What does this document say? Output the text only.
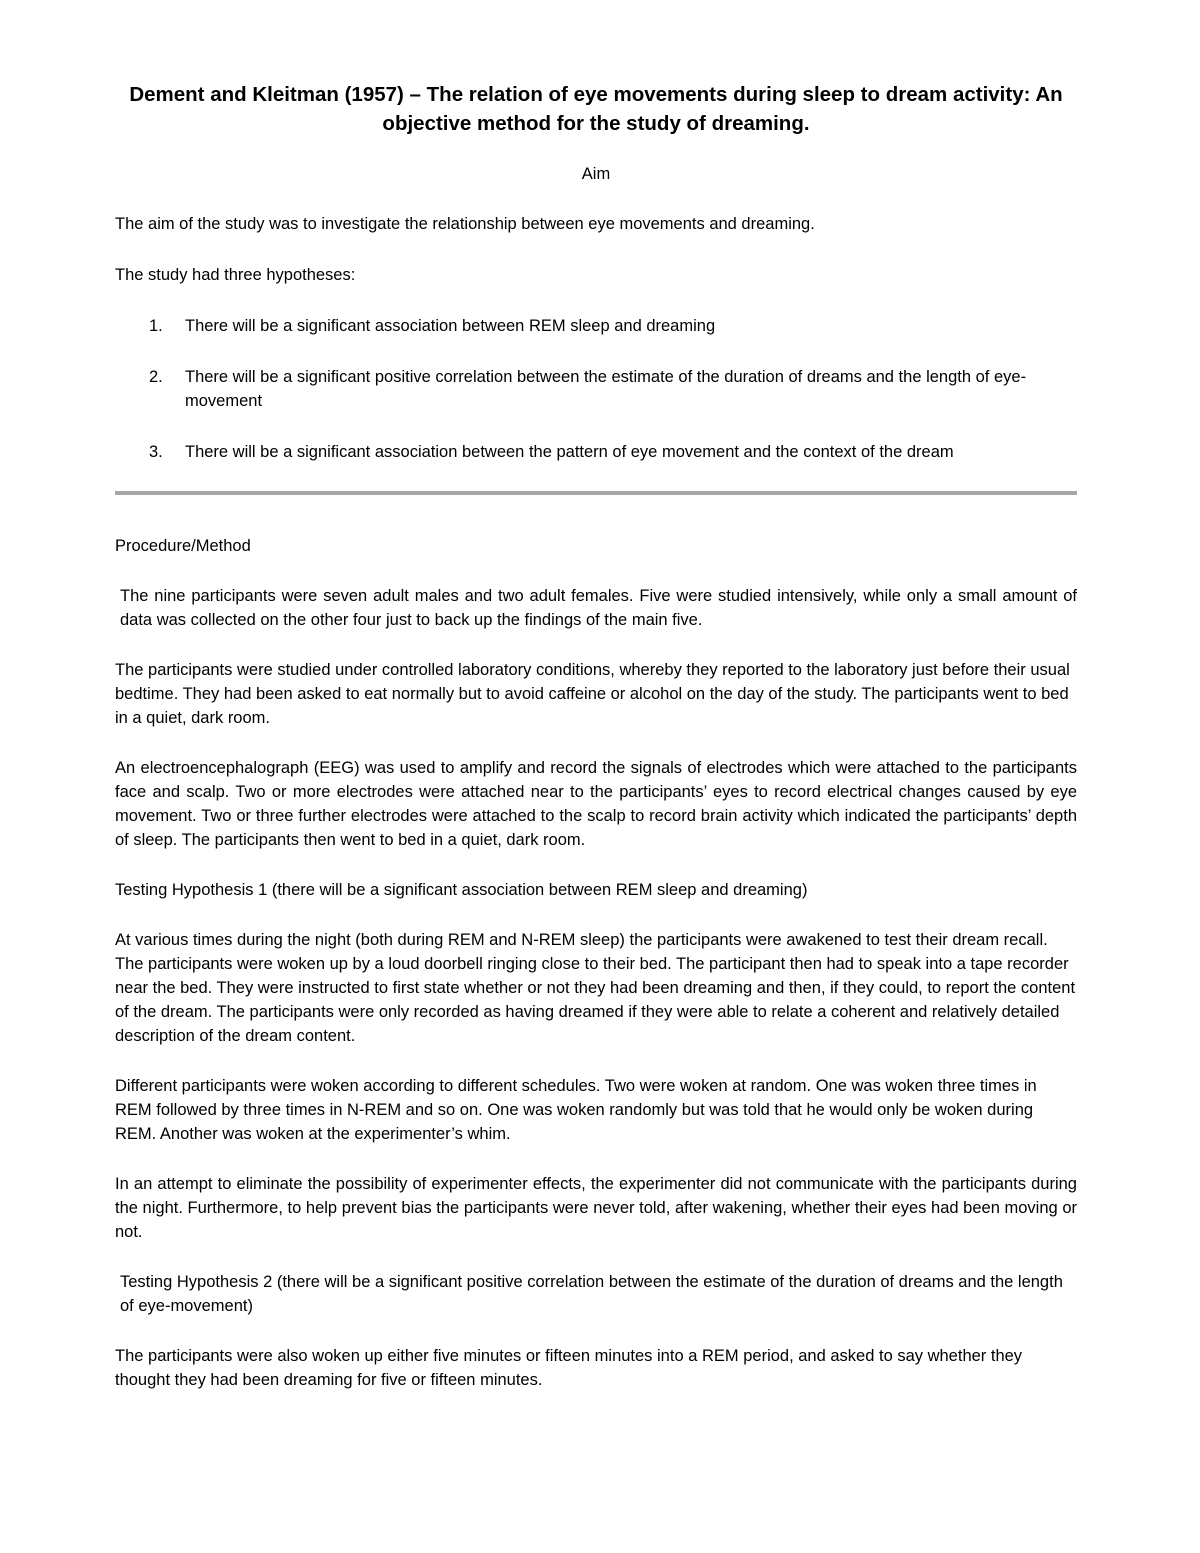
Dement and Kleitman (1957) – The relation of eye movements during sleep to dream activity: An objective method for the study of dreaming.

Aim

The aim of the study was to investigate the relationship between eye movements and dreaming.

The study had three hypotheses:

1.	There will be a significant association between REM sleep and dreaming
2.	There will be a significant positive correlation between the estimate of the duration of dreams and the length of eye-movement
3.	There will be a significant association between the pattern of eye movement and the context of the dream

Procedure/Method

The nine participants were seven adult males and two adult females. Five were studied intensively, while only a small amount of data was collected on the other four just to back up the findings of the main five.

The participants were studied under controlled laboratory conditions, whereby they reported to the laboratory just before their usual bedtime. They had been asked to eat normally but to avoid caffeine or alcohol on the day of the study. The participants went to bed in a quiet, dark room.

An electroencephalograph (EEG) was used to amplify and record the signals of electrodes which were attached to the participants face and scalp. Two or more electrodes were attached near to the participants’ eyes to record electrical changes caused by eye movement. Two or three further electrodes were attached to the scalp to record brain activity which indicated the participants’ depth of sleep. The participants then went to bed in a quiet, dark room.

Testing Hypothesis 1 (there will be a significant association between REM sleep and dreaming)

At various times during the night (both during REM and N-REM sleep) the participants were awakened to test their dream recall. The participants were woken up by a loud doorbell ringing close to their bed. The participant then had to speak into a tape recorder near the bed. They were instructed to first state whether or not they had been dreaming and then, if they could, to report the content of the dream. The participants were only recorded as having dreamed if they were able to relate a coherent and relatively detailed description of the dream content.

Different participants were woken according to different schedules. Two were woken at random. One was woken three times in REM followed by three times in N-REM and so on. One was woken randomly but was told that he would only be woken during REM. Another was woken at the experimenter’s whim.

In an attempt to eliminate the possibility of experimenter effects, the experimenter did not communicate with the participants during the night. Furthermore, to help prevent bias the participants were never told, after wakening, whether their eyes had been moving or not.

Testing Hypothesis 2 (there will be a significant positive correlation between the estimate of the duration of dreams and the length of eye-movement)

The participants were also woken up either five minutes or fifteen minutes into a REM period, and asked to say whether they thought they had been dreaming for five or fifteen minutes.
